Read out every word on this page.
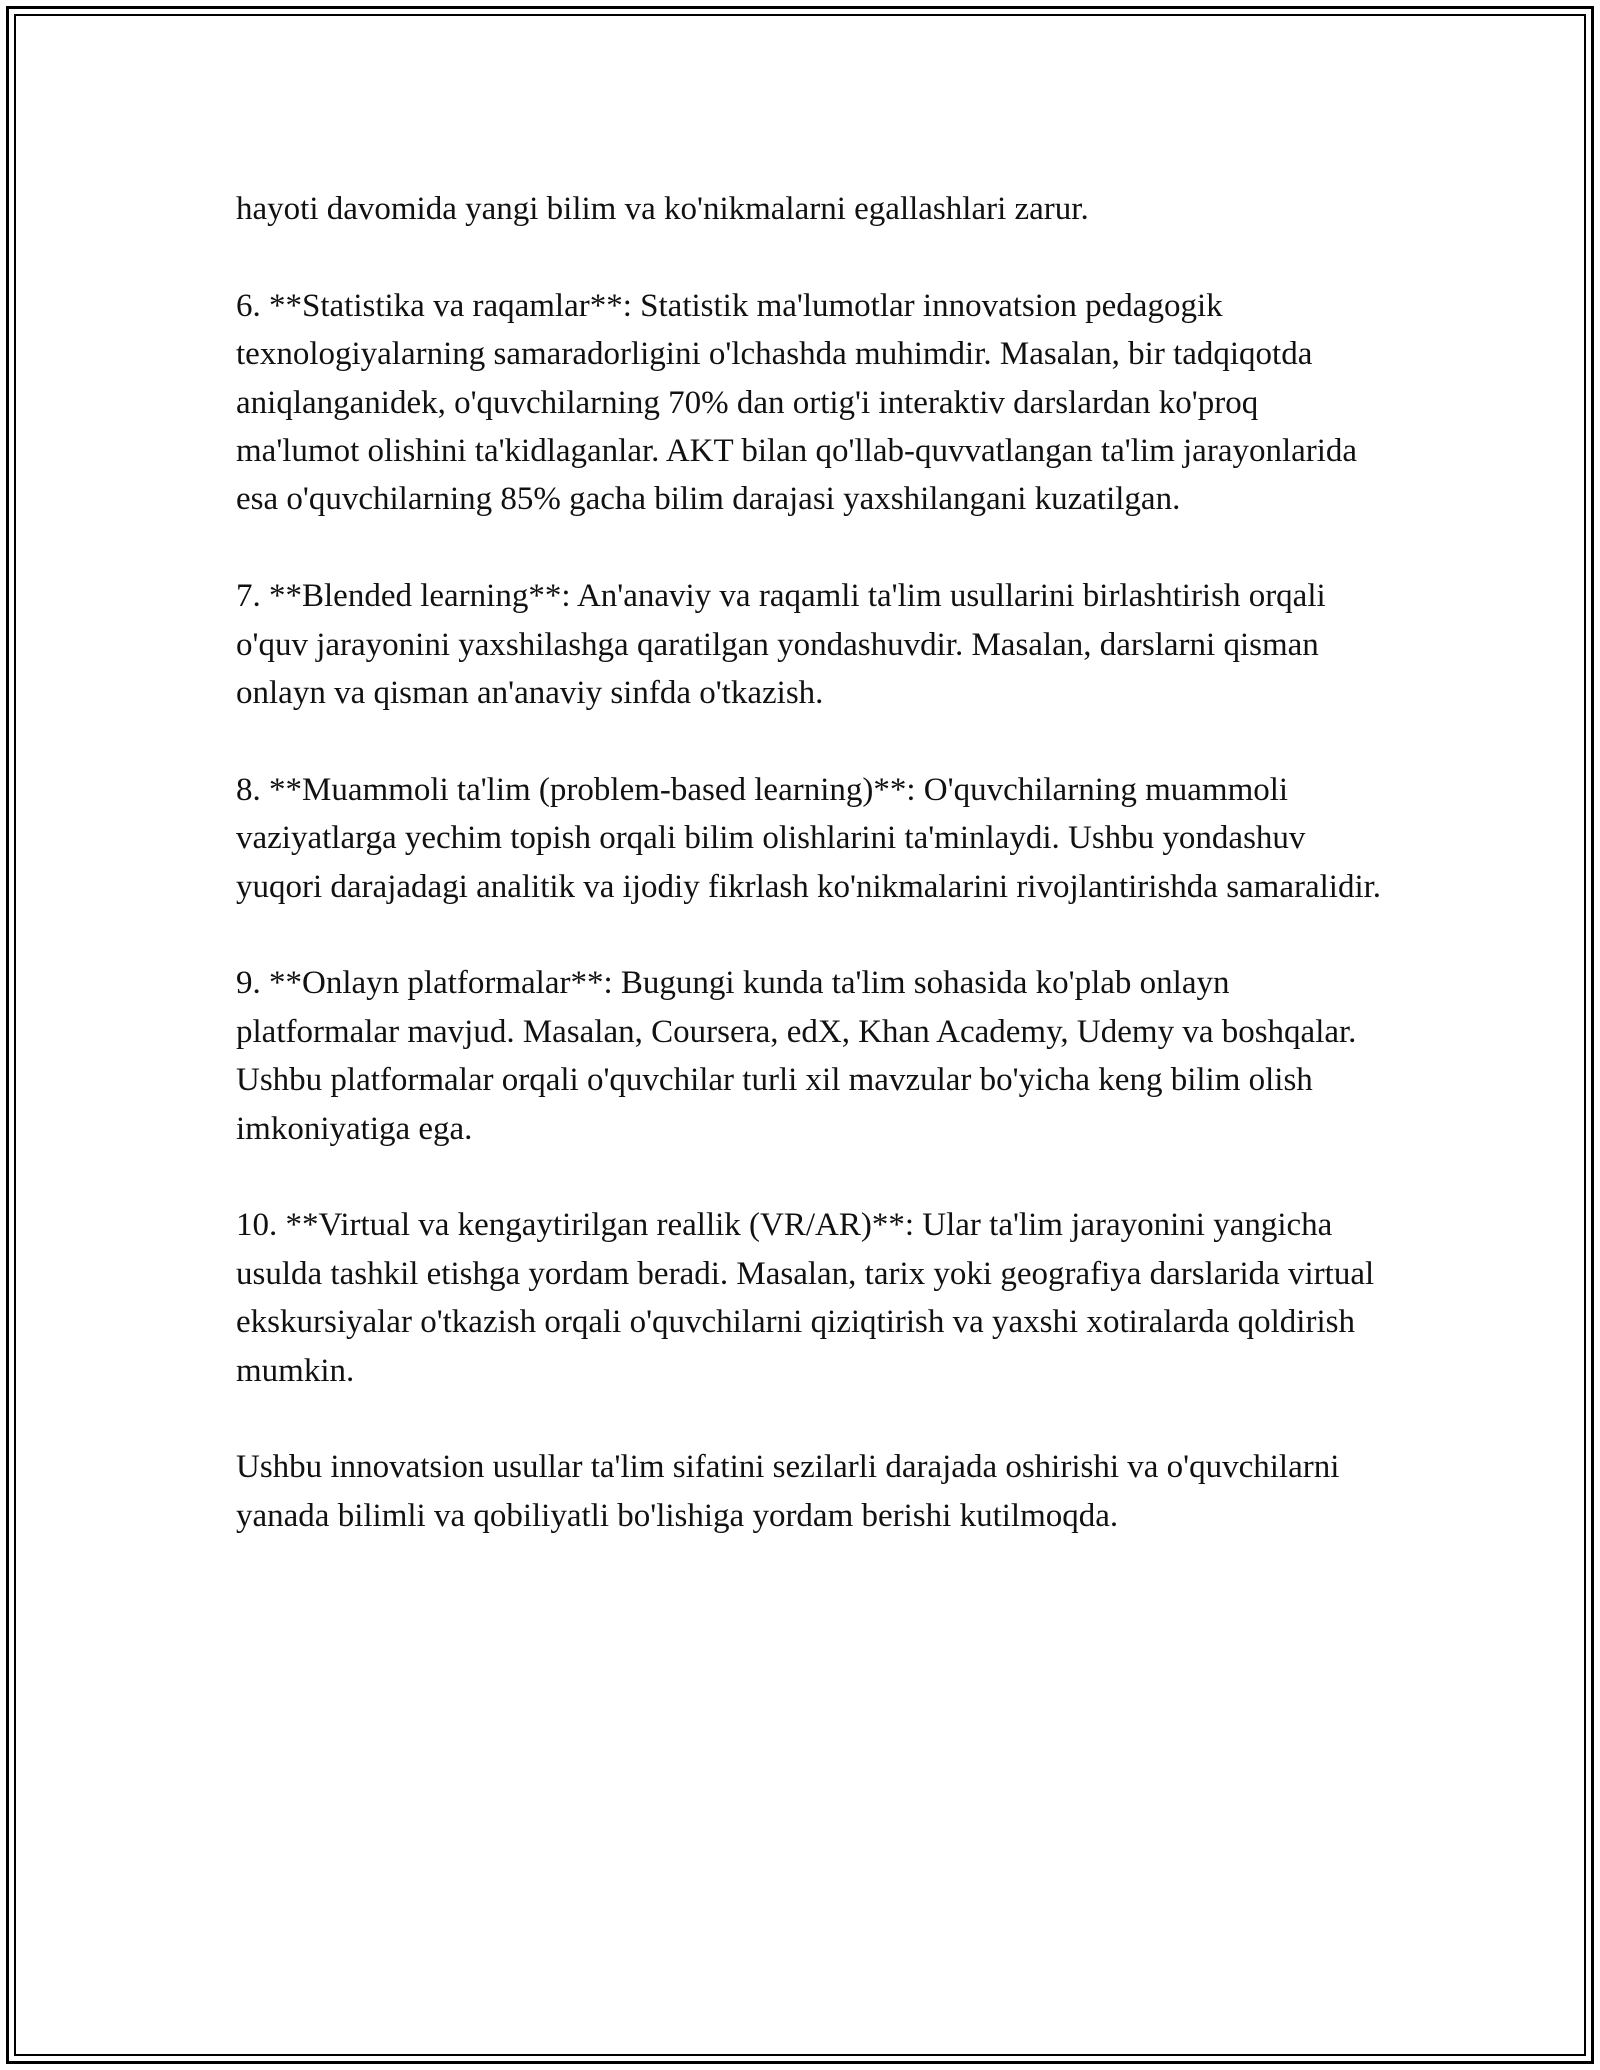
hayoti davomida yangi bilim va ko'nikmalarni egallashlari zarur.

6. **Statistika va raqamlar**: Statistik ma'lumotlar innovatsion pedagogik texnologiyalarning samaradorligini o'lchashda muhimdir. Masalan, bir tadqiqotda aniqlanganidek, o'quvchilarning 70% dan ortig'i interaktiv darslardan ko'proq ma'lumot olishini ta'kidlaganlar. AKT bilan qo'llab-quvvatlangan ta'lim jarayonlarida esa o'quvchilarning 85% gacha bilim darajasi yaxshilangani kuzatilgan.

7. **Blended learning**: An'anaviy va raqamli ta'lim usullarini birlashtirish orqali o'quv jarayonini yaxshilashga qaratilgan yondashuvdir. Masalan, darslarni qisman onlayn va qisman an'anaviy sinfda o'tkazish.

8. **Muammoli ta'lim (problem-based learning)**: O'quvchilarning muammoli vaziyatlarga yechim topish orqali bilim olishlarini ta'minlaydi. Ushbu yondashuv yuqori darajadagi analitik va ijodiy fikrlash ko'nikmalarini rivojlantirishda samaralidir.

9. **Onlayn platformalar**: Bugungi kunda ta'lim sohasida ko'plab onlayn platformalar mavjud. Masalan, Coursera, edX, Khan Academy, Udemy va boshqalar. Ushbu platformalar orqali o'quvchilar turli xil mavzular bo'yicha keng bilim olish imkoniyatiga ega.

10. **Virtual va kengaytirilgan reallik (VR/AR)**: Ular ta'lim jarayonini yangicha usulda tashkil etishga yordam beradi. Masalan, tarix yoki geografiya darslarida virtual ekskursiyalar o'tkazish orqali o'quvchilarni qiziqtirish va yaxshi xotiralarda qoldirish mumkin.

Ushbu innovatsion usullar ta'lim sifatini sezilarli darajada oshirishi va o'quvchilarni yanada bilimli va qobiliyatli bo'lishiga yordam berishi kutilmoqda.
